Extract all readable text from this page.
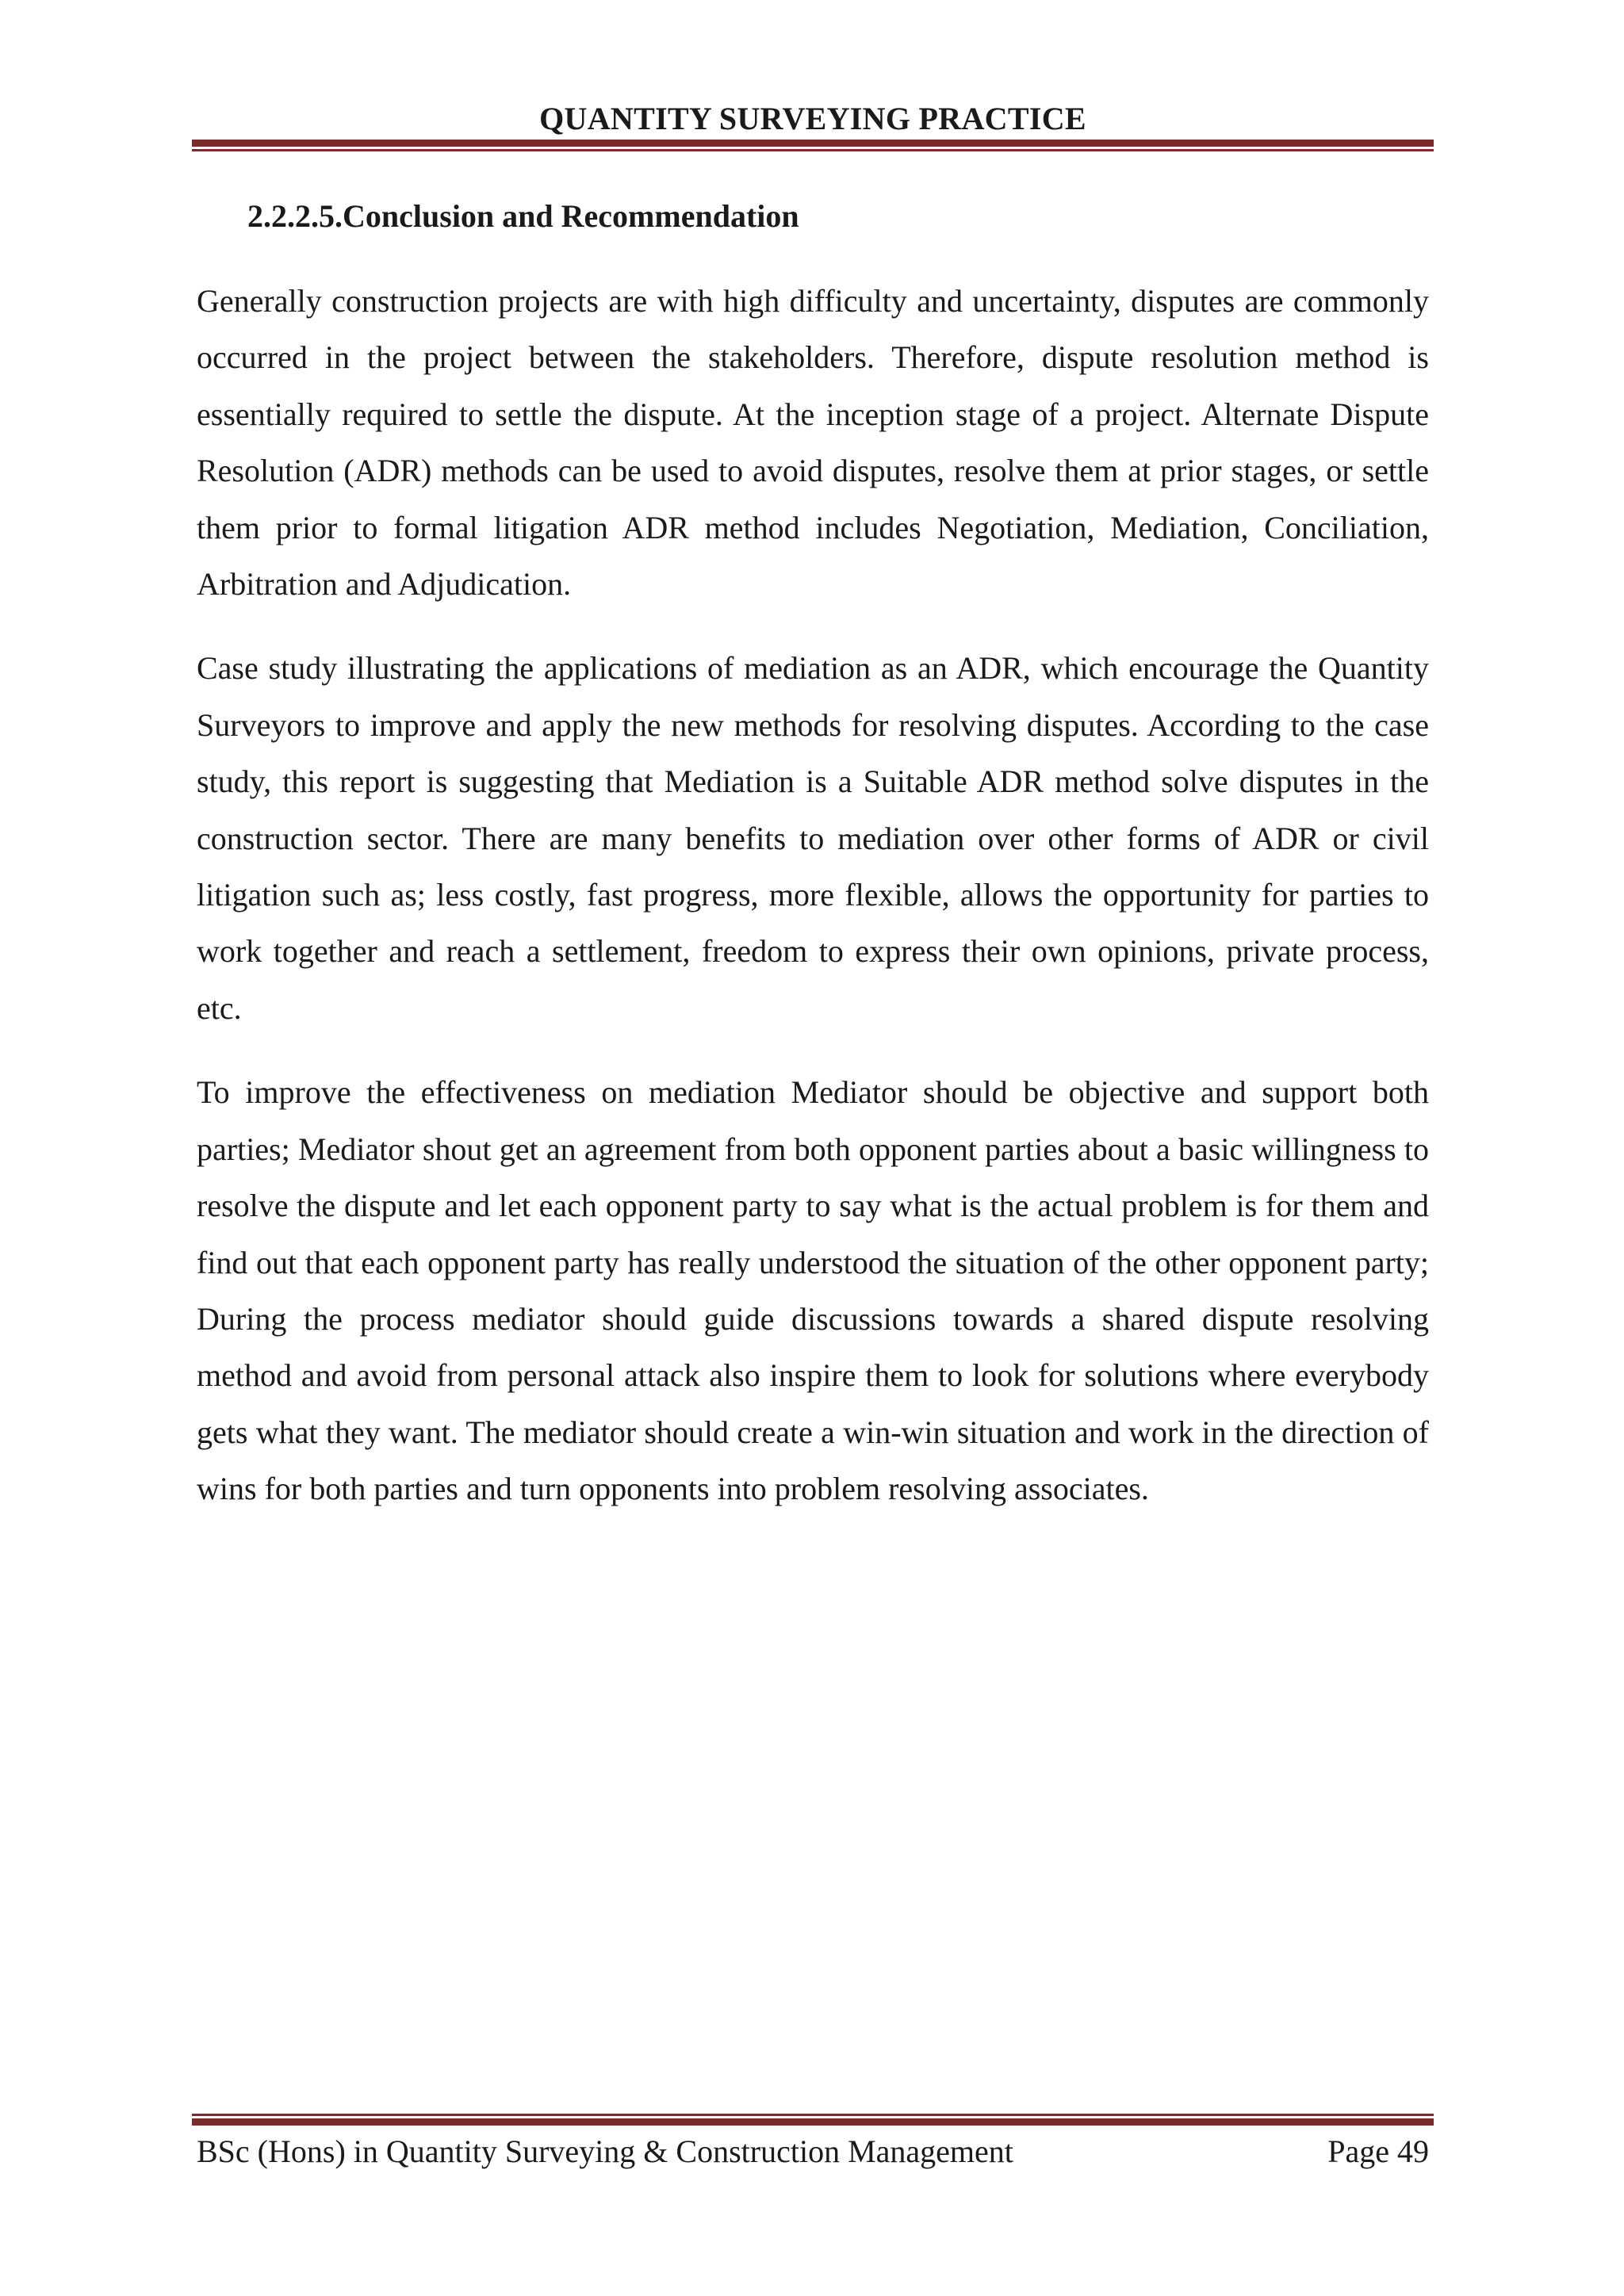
QUANTITY SURVEYING PRACTICE
2.2.2.5.Conclusion and Recommendation

Generally construction projects are with high difficulty and uncertainty, disputes are commonly occurred in the project between the stakeholders. Therefore, dispute resolution method is essentially required to settle the dispute. At the inception stage of a project. Alternate Dispute Resolution (ADR) methods can be used to avoid disputes, resolve them at prior stages, or settle them prior to formal litigation ADR method includes Negotiation, Mediation, Conciliation, Arbitration and Adjudication.

Case study illustrating the applications of mediation as an ADR, which encourage the Quantity Surveyors to improve and apply the new methods for resolving disputes. According to the case study, this report is suggesting that Mediation is a Suitable ADR method solve disputes in the construction sector. There are many benefits to mediation over other forms of ADR or civil litigation such as; less costly, fast progress, more flexible, allows the opportunity for parties to work together and reach a settlement, freedom to express their own opinions, private process, etc.

To improve the effectiveness on mediation Mediator should be objective and support both parties; Mediator shout get an agreement from both opponent parties about a basic willingness to resolve the dispute and let each opponent party to say what is the actual problem is for them and find out that each opponent party has really understood the situation of the other opponent party; During the process mediator should guide discussions towards a shared dispute resolving method and avoid from personal attack also inspire them to look for solutions where everybody gets what they want. The mediator should create a win-win situation and work in the direction of wins for both parties and turn opponents into problem resolving associates.

BSc (Hons) in Quantity Surveying & Construction Management	Page 49
